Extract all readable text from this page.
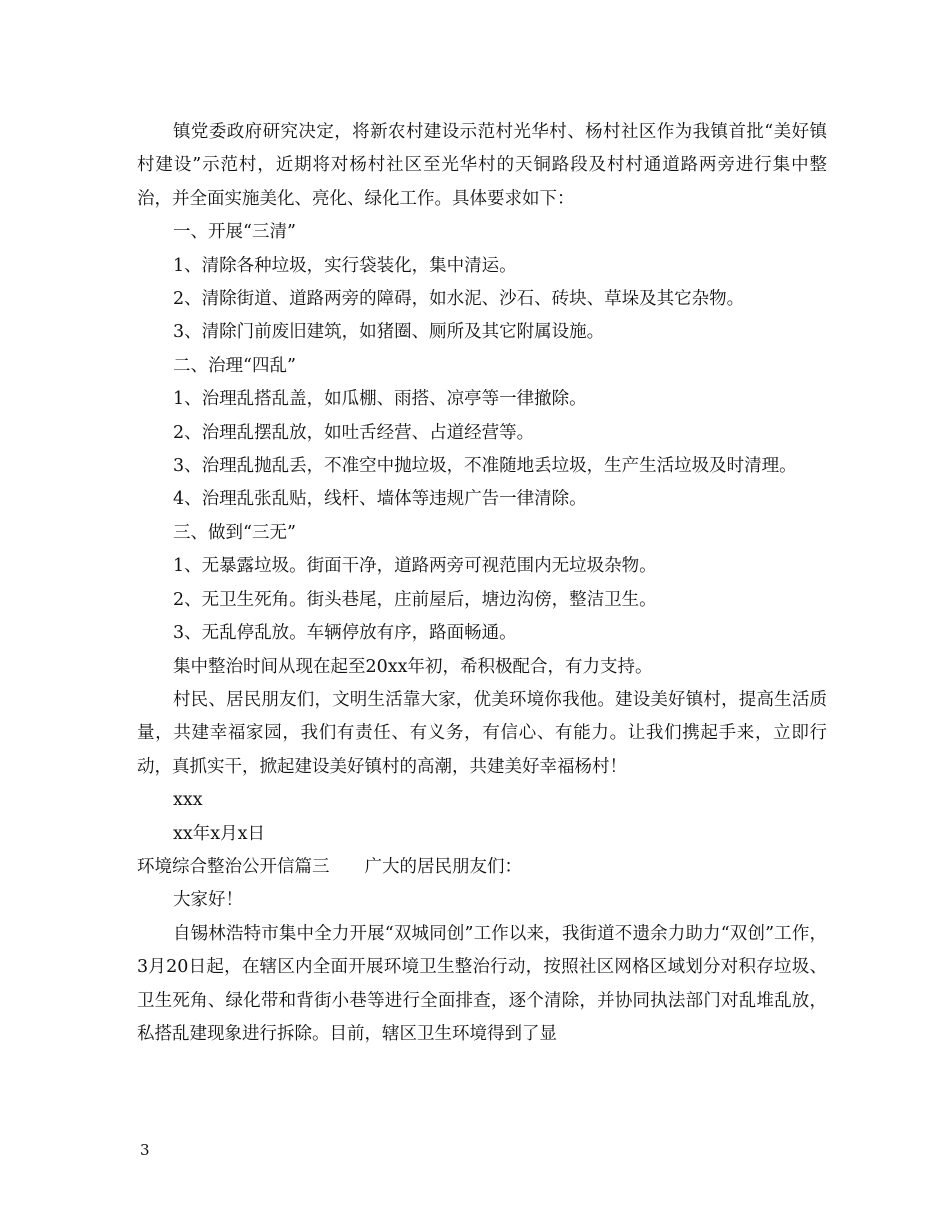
镇党委政府研究决定，将新农村建设示范村光华村、杨村社区作为我镇首批“美好镇村建设”示范村，近期将对杨村社区至光华村的天铜路段及村村通道路两旁进行集中整治，并全面实施美化、亮化、绿化工作。具体要求如下：

一、开展“三清”

1、清除各种垃圾，实行袋装化，集中清运。

2、清除街道、道路两旁的障碍，如水泥、沙石、砖块、草垛及其它杂物。

3、清除门前废旧建筑，如猪圈、厕所及其它附属设施。

二、治理“四乱”

1、治理乱搭乱盖，如瓜棚、雨搭、凉亭等一律撤除。

2、治理乱摆乱放，如吐舌经营、占道经营等。

3、治理乱抛乱丢，不准空中抛垃圾，不准随地丢垃圾，生产生活垃圾及时清理。

4、治理乱张乱贴，线杆、墙体等违规广告一律清除。

三、做到“三无”

1、无暴露垃圾。街面干净，道路两旁可视范围内无垃圾杂物。

2、无卫生死角。街头巷尾，庄前屋后，塘边沟傍，整洁卫生。

3、无乱停乱放。车辆停放有序，路面畅通。

集中整治时间从现在起至20xx年初，希积极配合，有力支持。

村民、居民朋友们，文明生活靠大家，优美环境你我他。建设美好镇村，提高生活质量，共建幸福家园，我们有责任、有义务，有信心、有能力。让我们携起手来，立即行动，真抓实干，掀起建设美好镇村的高潮，共建美好幸福杨村！

xxx

xx年x月x日

环境综合整治公开信篇三　　广大的居民朋友们：

大家好！

自锡林浩特市集中全力开展“双城同创”工作以来，我街道不遗余力助力“双创”工作，3月20日起，在辖区内全面开展环境卫生整治行动，按照社区网格区域划分对积存垃圾、卫生死角、绿化带和背街小巷等进行全面排查，逐个清除，并协同执法部门对乱堆乱放，私搭乱建现象进行拆除。目前，辖区卫生环境得到了显

3
